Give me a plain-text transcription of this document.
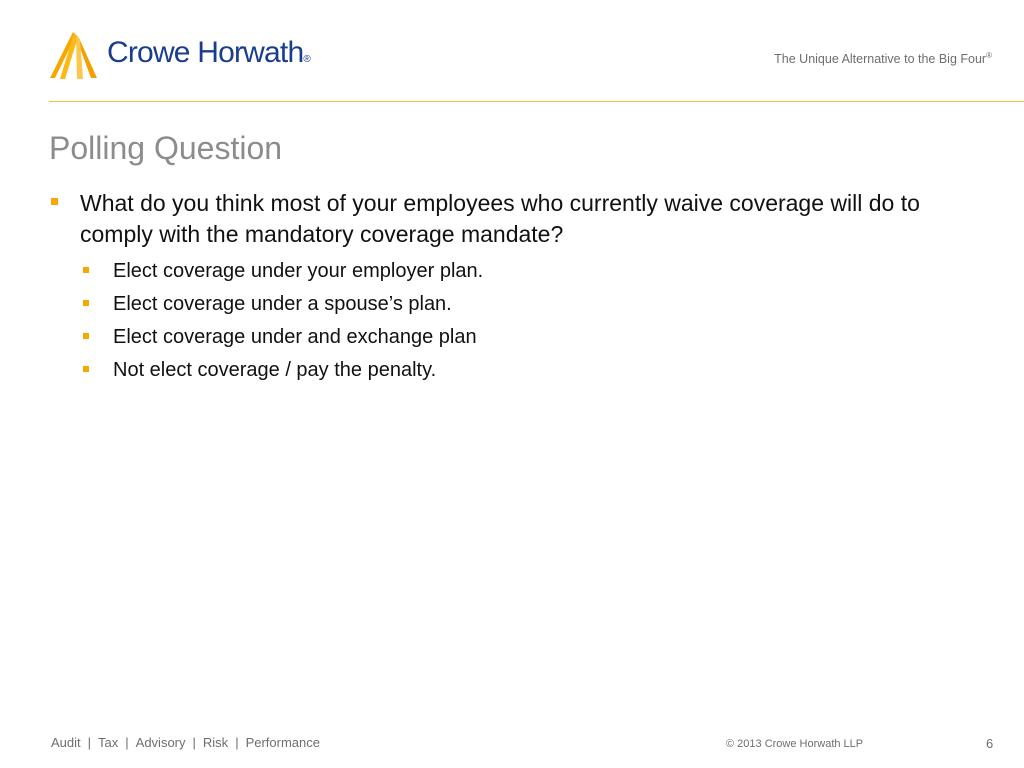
Crowe Horwath®	The Unique Alternative to the Big Four®
Polling Question
What do you think most of your employees who currently waive coverage will do to comply with the mandatory coverage mandate?
Elect coverage under your employer plan.
Elect coverage under a spouse’s plan.
Elect coverage under and exchange plan
Not elect coverage / pay the penalty.
Audit | Tax | Advisory | Risk | Performance	© 2013 Crowe Horwath LLP	6
